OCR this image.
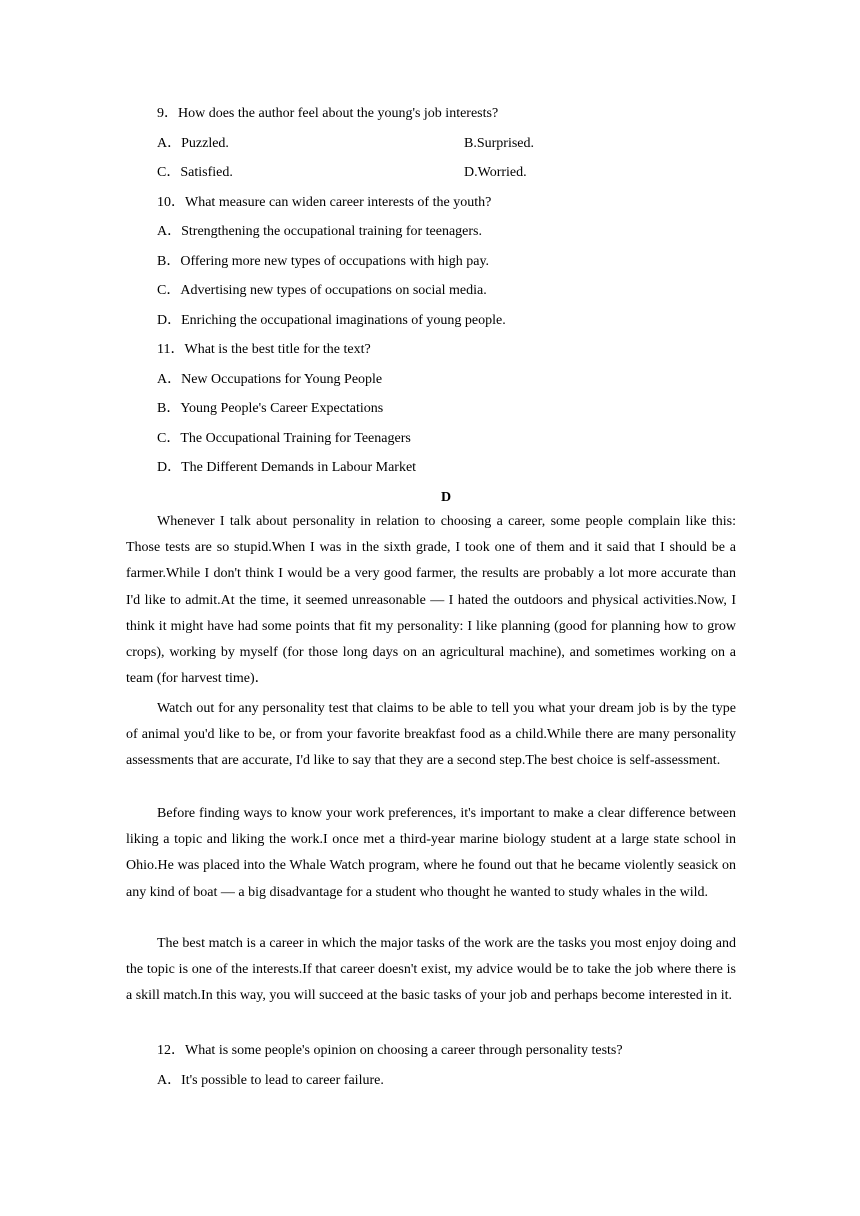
9．How does the author feel about the young's job interests?
A．Puzzled.	B.Surprised.
C．Satisfied.	D.Worried.
10．What measure can widen career interests of the youth?
A．Strengthening the occupational training for teenagers.
B．Offering more new types of occupations with high pay.
C．Advertising new types of occupations on social media.
D．Enriching the occupational imaginations of young people.
11．What is the best title for the text?
A．New Occupations for Young People
B．Young People's Career Expectations
C．The Occupational Training for Teenagers
D．The Different Demands in Labour Market
D

Whenever I talk about personality in relation to choosing a career, some people complain like this: Those tests are so stupid.When I was in the sixth grade, I took one of them and it said that I should be a farmer.While I don't think I would be a very good farmer, the results are probably a lot more accurate than I'd like to admit.At the time, it seemed unreasonable — I hated the outdoors and physical activities.Now, I think it might have had some points that fit my personality: I like planning (good for planning how to grow crops), working by myself (for those long days on an agricultural machine), and sometimes working on a team (for harvest time)．

Watch out for any personality test that claims to be able to tell you what your dream job is by the type of animal you'd like to be, or from your favorite breakfast food as a child.While there are many personality assessments that are accurate, I'd like to say that they are a second step.The best choice is self-assessment.

Before finding ways to know your work preferences, it's important to make a clear difference between liking a topic and liking the work.I once met a third-year marine biology student at a large state school in Ohio.He was placed into the Whale Watch program, where he found out that he became violently seasick on any kind of boat — a big disadvantage for a student who thought he wanted to study whales in the wild.

The best match is a career in which the major tasks of the work are the tasks you most enjoy doing and the topic is one of the interests.If that career doesn't exist, my advice would be to take the job where there is a skill match.In this way, you will succeed at the basic tasks of your job and perhaps become interested in it.

12．What is some people's opinion on choosing a career through personality tests?
A．It's possible to lead to career failure.
